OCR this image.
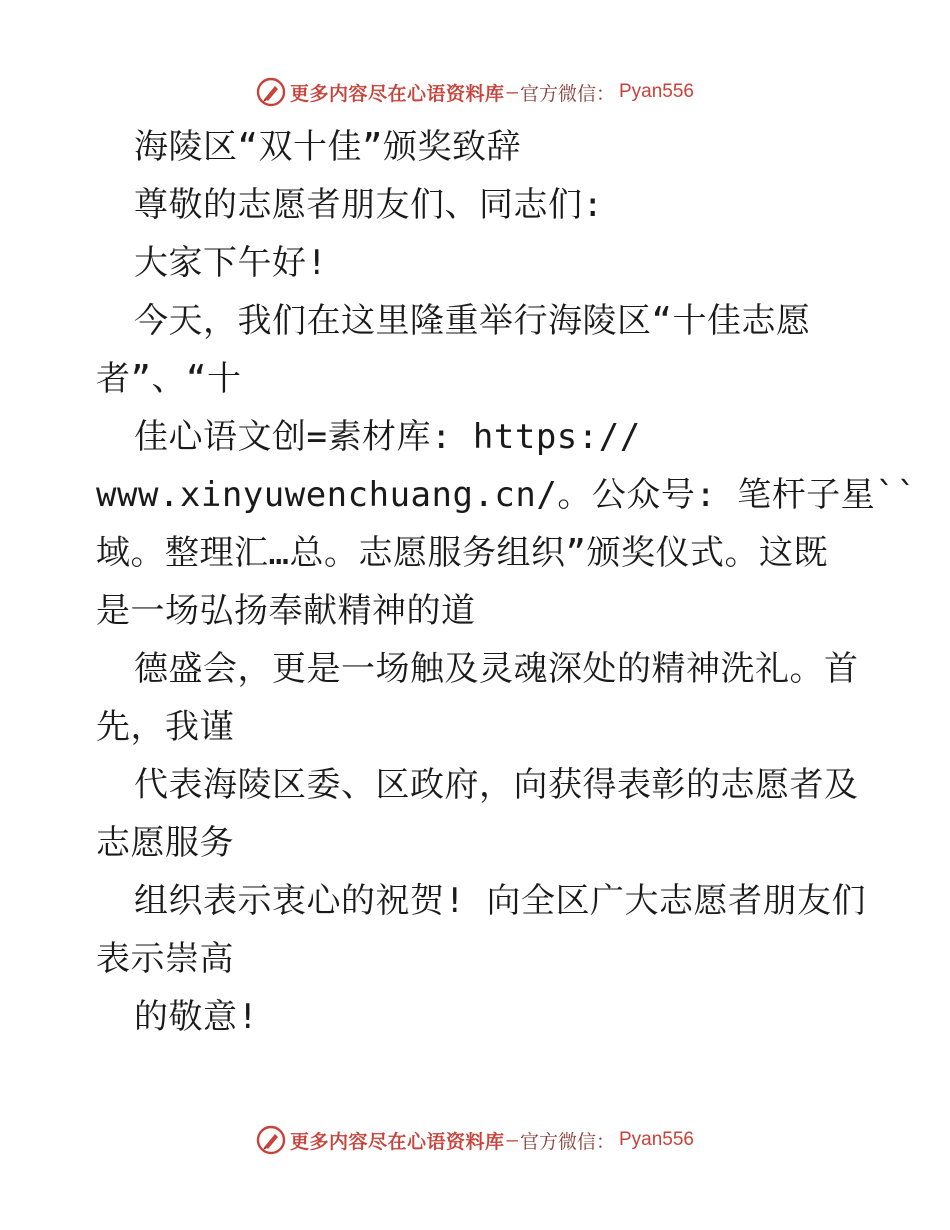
更多内容尽在心语资料库 — 官方微信： Pyan556

海陵区“双十佳”颁奖致辞

尊敬的志愿者朋友们、同志们:

大家下午好!

今天，我们在这里隆重举行海陵区“十佳志愿

者”、“十

佳心语文创=素材库: https://

www.xinyuwenchuang.cn/。公众号: 笔杆子星``

域。整理汇…总。志愿服务组织”颁奖仪式。这既

是一场弘扬奉献精神的道

德盛会，更是一场触及灵魂深处的精神洗礼。首

先，我谨

代表海陵区委、区政府，向获得表彰的志愿者及

志愿服务

组织表示衷心的祝贺! 向全区广大志愿者朋友们

表示崇高

的敬意!

更多内容尽在心语资料库 — 官方微信： Pyan556
